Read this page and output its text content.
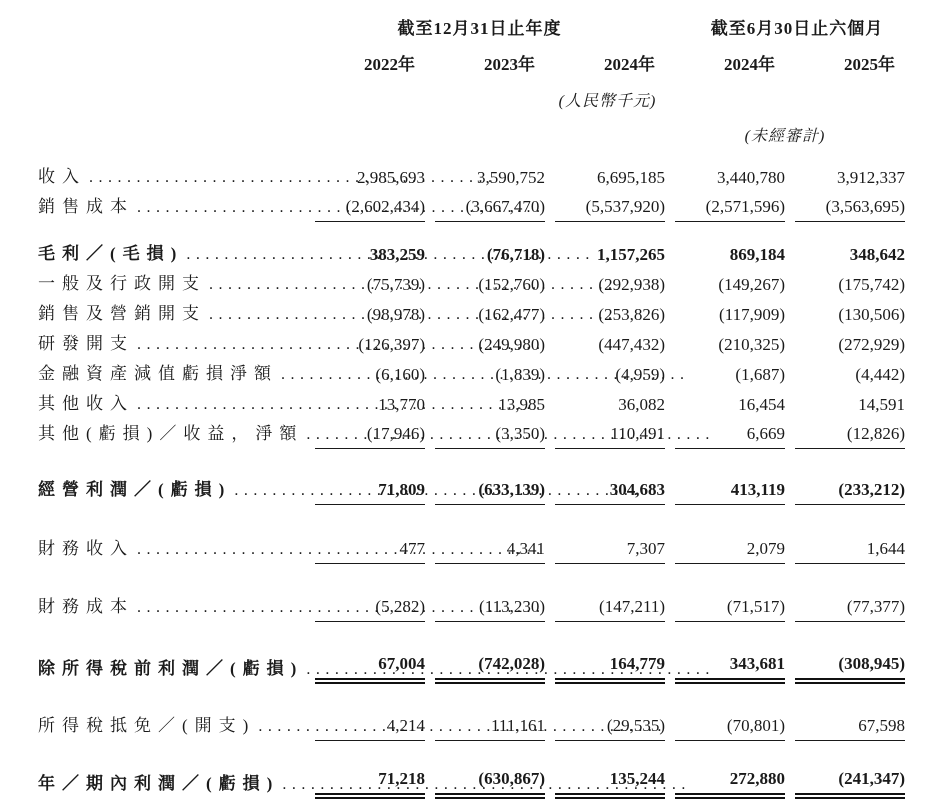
	截至12月31日止年度			截至6月30日止六個月	
	2022年	2023年	2024年	2024年	2025年
	(人民幣千元)				
				(未經審計)	

收入
.....	2,985,693	3,590,752	6,695,185	3,440,780	3,912,337

銷售成本
.....	(2,602,434)	(3,667,470)	(5,537,920)	(2,571,596)	(3,563,695)

毛利／(毛損)
.....	383,259	(76,718)	1,157,265	869,184	348,642

一般及行政開支
.....	(75,739)	(152,760)	(292,938)	(149,267)	(175,742)

銷售及營銷開支
.....	(98,978)	(162,477)	(253,826)	(117,909)	(130,506)

研發開支
.....	(126,397)	(249,980)	(447,432)	(210,325)	(272,929)

金融資產減值虧損淨額
.....	(6,160)	(1,839)	(4,959)	(1,687)	(4,442)

其他收入
.....	13,770	13,985	36,082	16,454	14,591

其他(虧損)／收益，淨額
.....	(17,946)	(3,350)	110,491	6,669	(12,826)

經營利潤／(虧損)
.....	71,809	(633,139)	304,683	413,119	(233,212)

財務收入
.....	477	4,341	7,307	2,079	1,644

財務成本
.....	(5,282)	(113,230)	(147,211)	(71,517)	(77,377)

除所得稅前利潤／(虧損)
.....	67,004	(742,028)	164,779	343,681	(308,945)

所得稅抵免／(開支)
.....	4,214	111,161	(29,535)	(70,801)	67,598

年／期內利潤／(虧損)
.....	71,218	(630,867)	135,244	272,880	(241,347)
